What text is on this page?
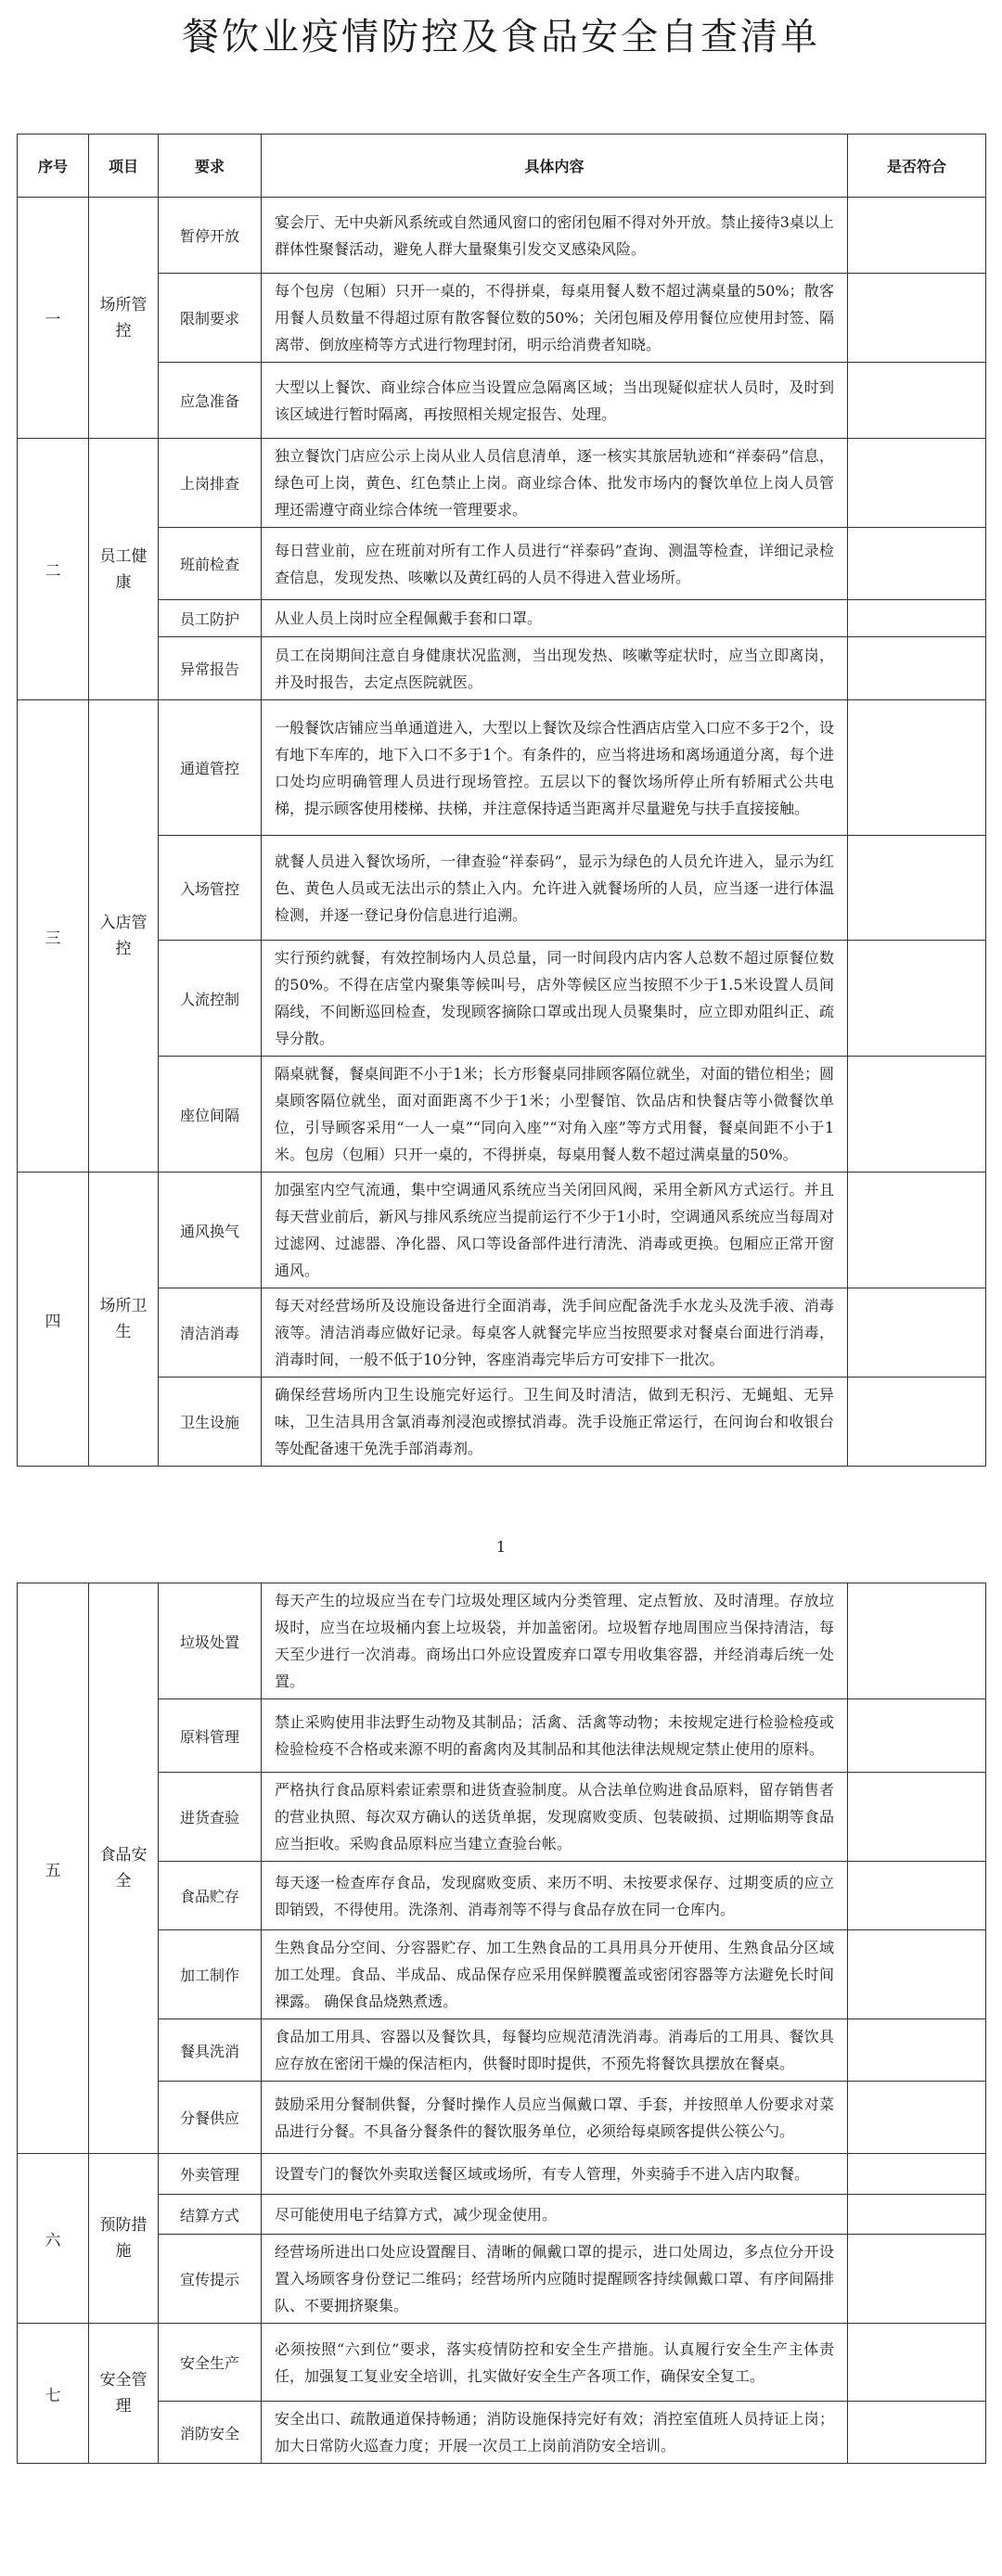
餐饮业疫情防控及食品安全自查清单
序号	项目	要求	具体内容	是否符合
一	场所管控	暂停开放	宴会厅、无中央新风系统或自然通风窗口的密闭包厢不得对外开放。禁止接待3桌以上群体性聚餐活动，避免人群大量聚集引发交叉感染风险。	
		限制要求	每个包房（包厢）只开一桌的，不得拼桌，每桌用餐人数不超过满桌量的50%；散客用餐人员数量不得超过原有散客餐位数的50%；关闭包厢及停用餐位应使用封签、隔离带、倒放座椅等方式进行物理封闭，明示给消费者知晓。	
		应急准备	大型以上餐饮、商业综合体应当设置应急隔离区域；当出现疑似症状人员时，及时到该区域进行暂时隔离，再按照相关规定报告、处理。	
二	员工健康	上岗排查	独立餐饮门店应公示上岗从业人员信息清单，逐一核实其旅居轨迹和“祥泰码”信息，绿色可上岗，黄色、红色禁止上岗。商业综合体、批发市场内的餐饮单位上岗人员管理还需遵守商业综合体统一管理要求。	
		班前检查	每日营业前，应在班前对所有工作人员进行“祥泰码”查询、测温等检查，详细记录检查信息，发现发热、咳嗽以及黄红码的人员不得进入营业场所。	
		员工防护	从业人员上岗时应全程佩戴手套和口罩。	
		异常报告	员工在岗期间注意自身健康状况监测，当出现发热、咳嗽等症状时，应当立即离岗，并及时报告，去定点医院就医。	
三	入店管控	通道管控	一般餐饮店铺应当单通道进入，大型以上餐饮及综合性酒店店堂入口应不多于2个，设有地下车库的，地下入口不多于1个。有条件的，应当将进场和离场通道分离，每个进口处均应明确管理人员进行现场管控。五层以下的餐饮场所停止所有轿厢式公共电梯，提示顾客使用楼梯、扶梯，并注意保持适当距离并尽量避免与扶手直接接触。	
		入场管控	就餐人员进入餐饮场所，一律查验“祥泰码”，显示为绿色的人员允许进入，显示为红色、黄色人员或无法出示的禁止入内。允许进入就餐场所的人员，应当逐一进行体温检测，并逐一登记身份信息进行追溯。	
		人流控制	实行预约就餐，有效控制场内人员总量，同一时间段内店内客人总数不超过原餐位数的50%。不得在店堂内聚集等候叫号，店外等候区应当按照不少于1.5米设置人员间隔线，不间断巡回检查，发现顾客摘除口罩或出现人员聚集时，应立即劝阻纠正、疏导分散。	
		座位间隔	隔桌就餐，餐桌间距不小于1米；长方形餐桌同排顾客隔位就坐，对面的错位相坐；圆桌顾客隔位就坐，面对面距离不少于1米；小型餐馆、饮品店和快餐店等小微餐饮单位，引导顾客采用“一人一桌”“同向入座”“对角入座”等方式用餐，餐桌间距不小于1米。包房（包厢）只开一桌的，不得拼桌，每桌用餐人数不超过满桌量的50%。	
四	场所卫生	通风换气	加强室内空气流通，集中空调通风系统应当关闭回风阀，采用全新风方式运行。并且每天营业前后，新风与排风系统应当提前运行不少于1小时，空调通风系统应当每周对过滤网、过滤器、净化器、风口等设备部件进行清洗、消毒或更换。包厢应正常开窗通风。	
		清洁消毒	每天对经营场所及设施设备进行全面消毒，洗手间应配备洗手水龙头及洗手液、消毒液等。清洁消毒应做好记录。每桌客人就餐完毕应当按照要求对餐桌台面进行消毒，消毒时间，一般不低于10分钟，客座消毒完毕后方可安排下一批次。	
		卫生设施	确保经营场所内卫生设施完好运行。卫生间及时清洁，做到无积污、无蝇蛆、无异味，卫生洁具用含氯消毒剂浸泡或擦拭消毒。洗手设施正常运行，在问询台和收银台等处配备速干免洗手部消毒剂。	
1
五	食品安全	垃圾处置	每天产生的垃圾应当在专门垃圾处理区域内分类管理、定点暂放、及时清理。存放垃圾时，应当在垃圾桶内套上垃圾袋，并加盖密闭。垃圾暂存地周围应当保持清洁，每天至少进行一次消毒。商场出口外应设置废弃口罩专用收集容器，并经消毒后统一处置。	
		原料管理	禁止采购使用非法野生动物及其制品；活禽、活禽等动物；未按规定进行检验检疫或检验检疫不合格或来源不明的畜禽肉及其制品和其他法律法规规定禁止使用的原料。	
		进货查验	严格执行食品原料索证索票和进货查验制度。从合法单位购进食品原料，留存销售者的营业执照、每次双方确认的送货单据，发现腐败变质、包装破损、过期临期等食品应当拒收。采购食品原料应当建立查验台帐。	
		食品贮存	每天逐一检查库存食品，发现腐败变质、来历不明、未按要求保存、过期变质的应立即销毁，不得使用。洗涤剂、消毒剂等不得与食品存放在同一仓库内。	
		加工制作	生熟食品分空间、分容器贮存、加工生熟食品的工具用具分开使用、生熟食品分区域加工处理。食品、半成品、成品保存应采用保鲜膜覆盖或密闭容器等方法避免长时间裸露。 确保食品烧熟煮透。	
		餐具洗消	食品加工用具、容器以及餐饮具，每餐均应规范清洗消毒。消毒后的工用具、餐饮具应存放在密闭干燥的保洁柜内，供餐时即时提供，不预先将餐饮具摆放在餐桌。	
		分餐供应	鼓励采用分餐制供餐，分餐时操作人员应当佩戴口罩、手套，并按照单人份要求对菜品进行分餐。不具备分餐条件的餐饮服务单位，必须给每桌顾客提供公筷公勺。	
六	预防措施	外卖管理	设置专门的餐饮外卖取送餐区域或场所，有专人管理，外卖骑手不进入店内取餐。	
		结算方式	尽可能使用电子结算方式，减少现金使用。	
		宣传提示	经营场所进出口处应设置醒目、清晰的佩戴口罩的提示，进口处周边，多点位分开设置入场顾客身份登记二维码；经营场所内应随时提醒顾客持续佩戴口罩、有序间隔排队、不要拥挤聚集。	
七	安全管理	安全生产	必须按照“六到位”要求，落实疫情防控和安全生产措施。认真履行安全生产主体责任，加强复工复业安全培训，扎实做好安全生产各项工作，确保安全复工。	
		消防安全	安全出口、疏散通道保持畅通；消防设施保持完好有效；消控室值班人员持证上岗；加大日常防火巡查力度；开展一次员工上岗前消防安全培训。	
